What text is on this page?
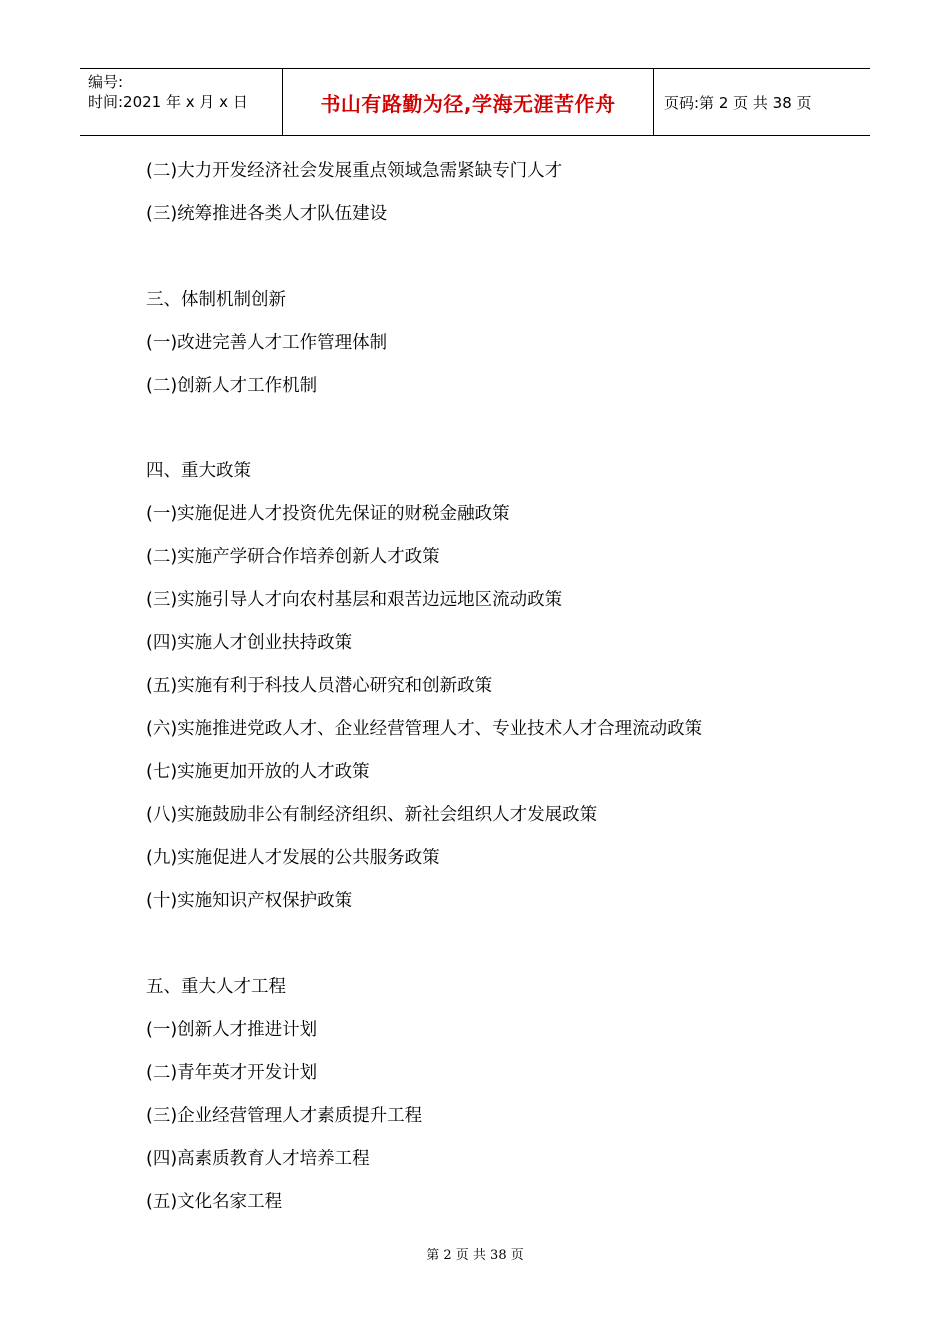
编号:
时间:2021 年 x 月 x 日	书山有路勤为径,学海无涯苦作舟	页码:第 2 页 共 38 页
(二)大力开发经济社会发展重点领域急需紧缺专门人才
(三)统筹推进各类人才队伍建设
三、体制机制创新
(一)改进完善人才工作管理体制
(二)创新人才工作机制
四、重大政策
(一)实施促进人才投资优先保证的财税金融政策
(二)实施产学研合作培养创新人才政策
(三)实施引导人才向农村基层和艰苦边远地区流动政策
(四)实施人才创业扶持政策
(五)实施有利于科技人员潜心研究和创新政策
(六)实施推进党政人才、企业经营管理人才、专业技术人才合理流动政策
(七)实施更加开放的人才政策
(八)实施鼓励非公有制经济组织、新社会组织人才发展政策
(九)实施促进人才发展的公共服务政策
(十)实施知识产权保护政策
五、重大人才工程
(一)创新人才推进计划
(二)青年英才开发计划
(三)企业经营管理人才素质提升工程
(四)高素质教育人才培养工程
(五)文化名家工程
第 2 页 共 38 页
